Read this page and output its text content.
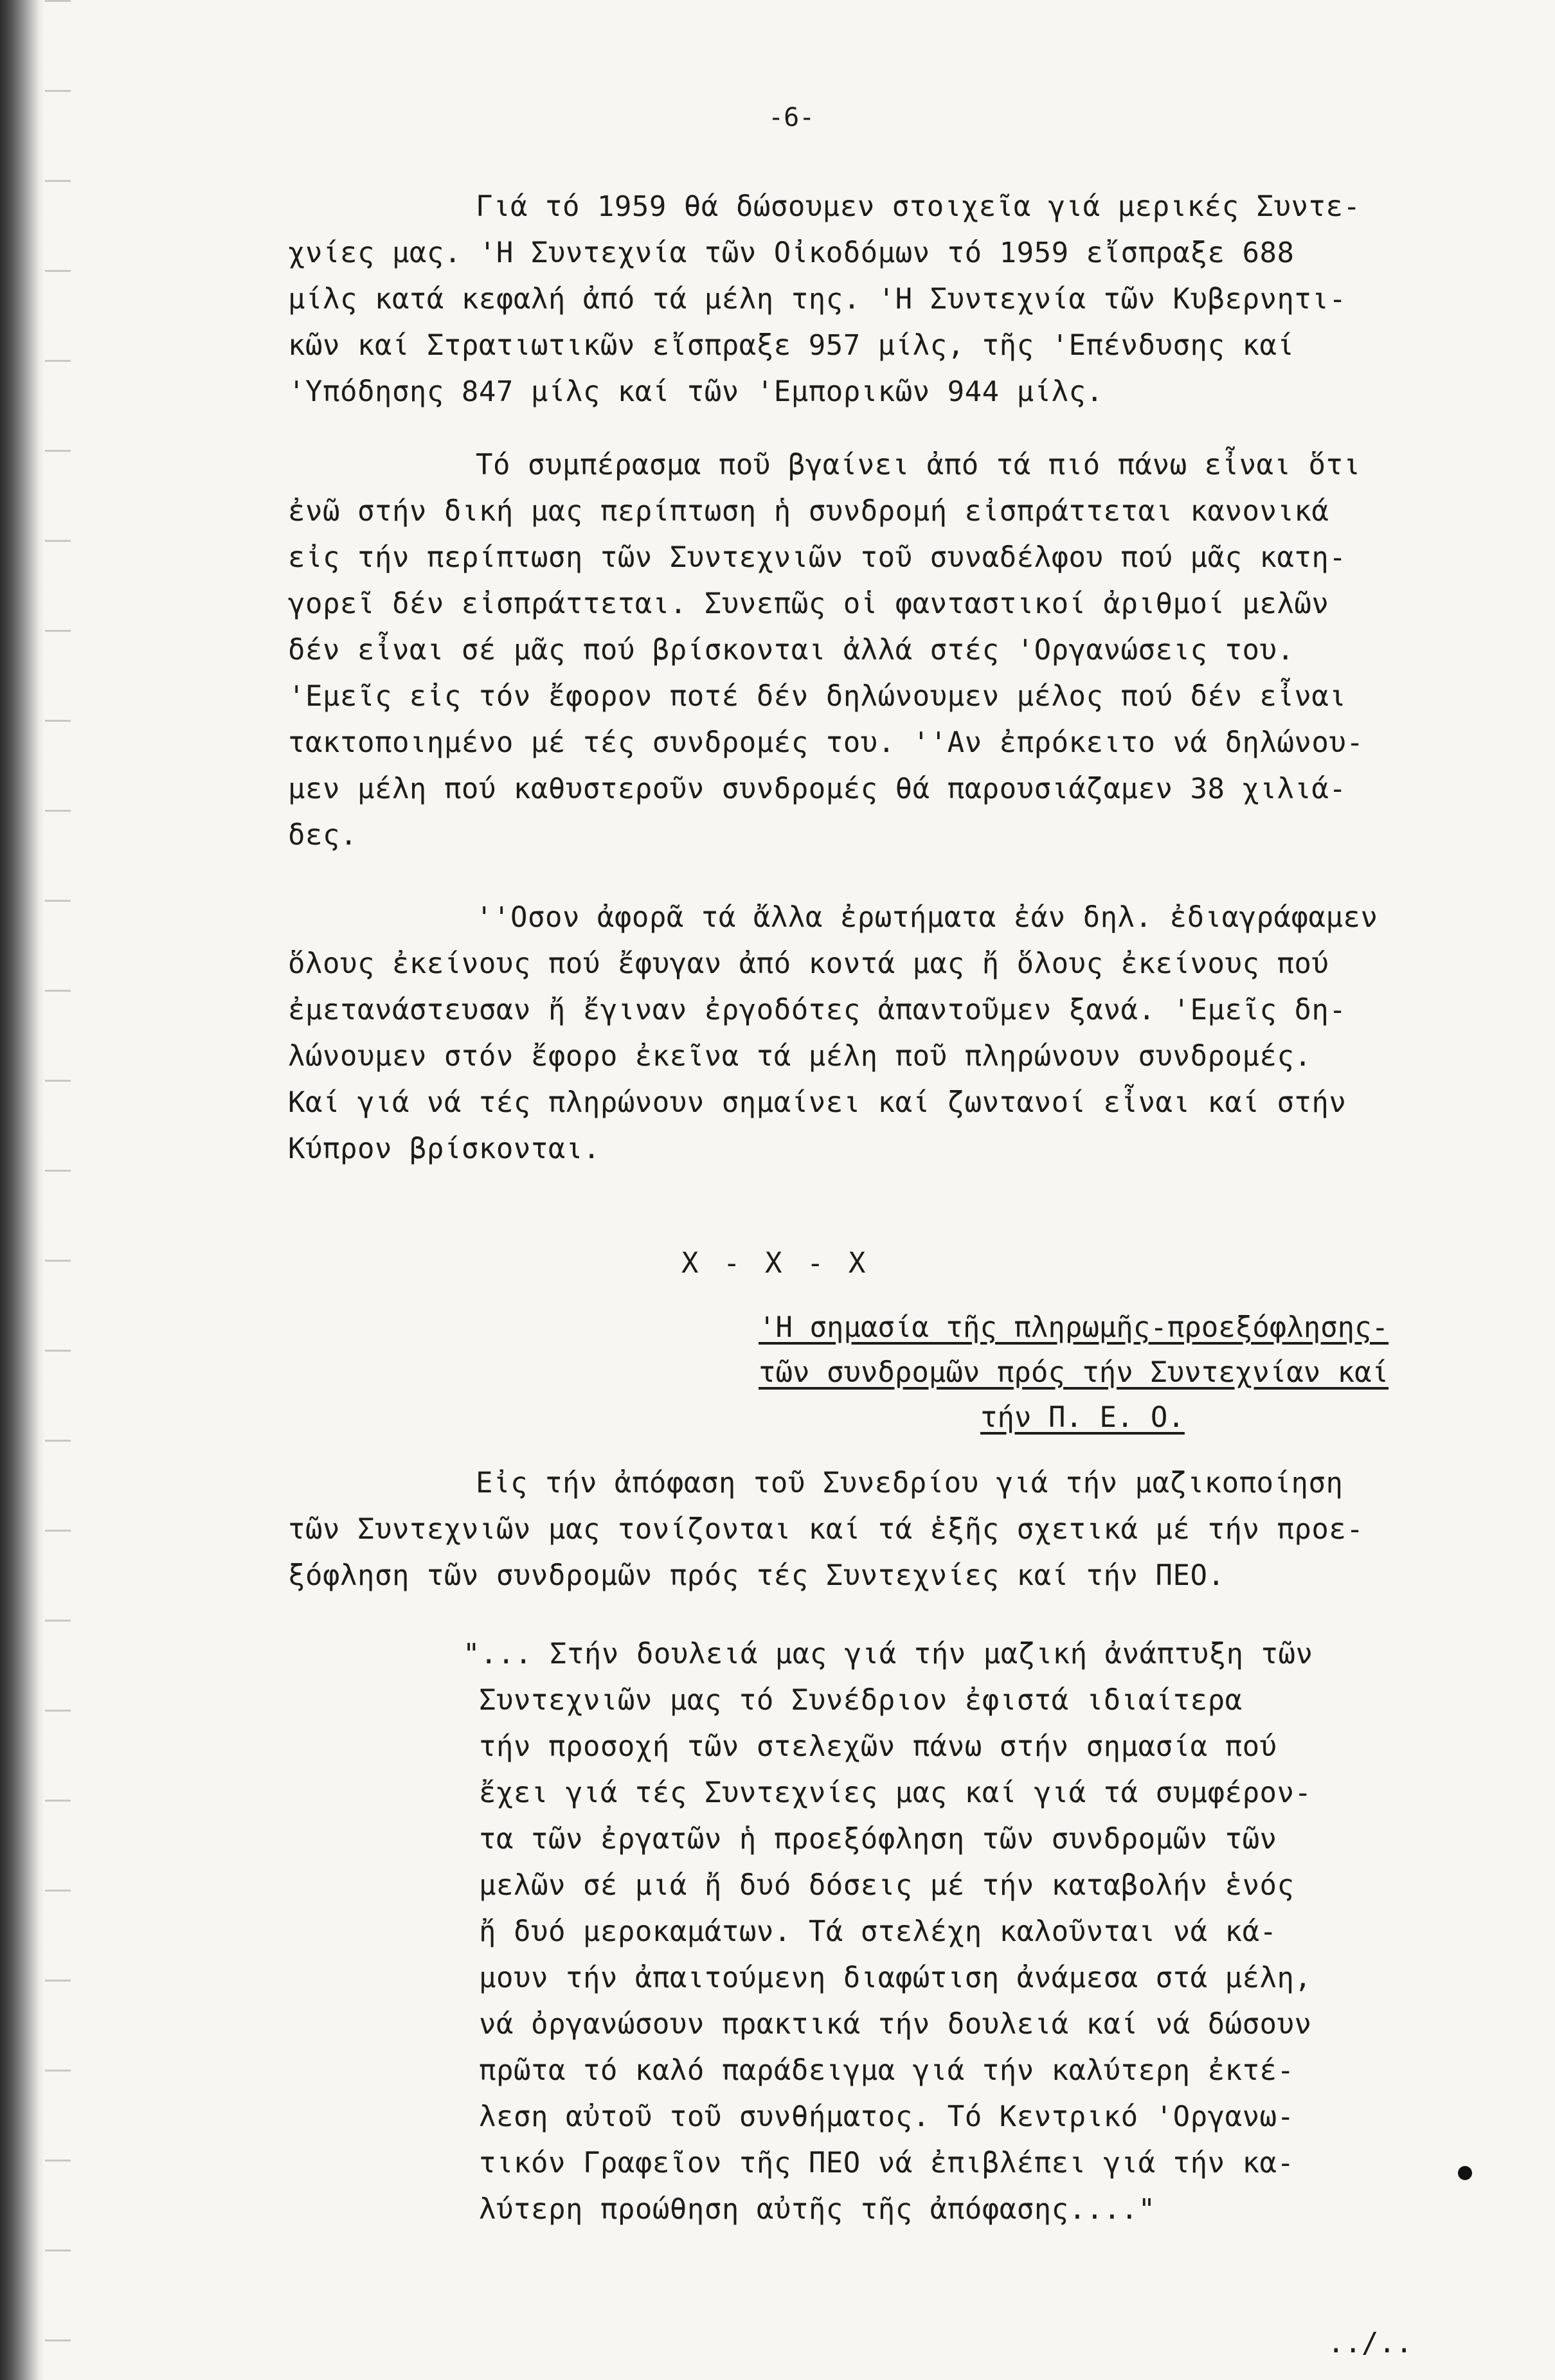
-6-
Γιά τό 1959 θά δώσουμεν στοιχεῖα γιά μερικές Συντε-
χνίες μας. 'Η Συντεχνία τῶν Οἰκοδόμων τό 1959 εἴσπραξε 688
μίλς κατά κεφαλή ἀπό τά μέλη της. 'Η Συντεχνία τῶν Κυβερνητι-
κῶν καί Στρατιωτικῶν εἴσπραξε 957 μίλς, τῆς 'Επένδυσης καί
'Υπόδησης 847 μίλς καί τῶν 'Εμπορικῶν 944 μίλς.
Τό συμπέρασμα ποῦ βγαίνει ἀπό τά πιό πάνω εἶναι ὅτι
ἐνῶ στήν δική μας περίπτωση ἡ συνδρομή εἰσπράττεται κανονικά
εἰς τήν περίπτωση τῶν Συντεχνιῶν τοῦ συναδέλφου πού μᾶς κατη-
γορεῖ δέν εἰσπράττεται. Συνεπῶς οἱ φανταστικοί ἀριθμοί μελῶν
δέν εἶναι σέ μᾶς πού βρίσκονται ἀλλά στές 'Οργανώσεις του.
'Εμεῖς εἰς τόν ἔφορον ποτέ δέν δηλώνουμεν μέλος πού δέν εἶναι
τακτοποιημένο μέ τές συνδρομές του. ''Αν ἐπρόκειτο νά δηλώνου-
μεν μέλη πού καθυστεροῦν συνδρομές θά παρουσιάζαμεν 38 χιλιά-
δες.
''Οσον ἀφορᾶ τά ἄλλα ἐρωτήματα ἐάν δηλ. ἐδιαγράφαμεν
ὅλους ἐκείνους πού ἔφυγαν ἀπό κοντά μας ἤ ὅλους ἐκείνους πού
ἐμετανάστευσαν ἤ ἔγιναν ἐργοδότες ἀπαντοῦμεν ξανά. 'Εμεῖς δη-
λώνουμεν στόν ἔφορο ἐκεῖνα τά μέλη ποῦ πληρώνουν συνδρομές.
Καί γιά νά τές πληρώνουν σημαίνει καί ζωντανοί εἶναι καί στήν
Κύπρον βρίσκονται.
Χ - Χ - Χ
'Η σημασία τῆς πληρωμῆς-προεξόφλησης-
τῶν συνδρομῶν πρός τήν Συντεχνίαν καί
τήν Π. Ε. Ο.
Εἰς τήν ἀπόφαση τοῦ Συνεδρίου γιά τήν μαζικοποίηση
τῶν Συντεχνιῶν μας τονίζονται καί τά ἑξῆς σχετικά μέ τήν προε-
ξόφληση τῶν συνδρομῶν πρός τές Συντεχνίες καί τήν ΠΕΟ.
"... Στήν δουλειά μας γιά τήν μαζική ἀνάπτυξη τῶν
Συντεχνιῶν μας τό Συνέδριον ἐφιστά ιδιαίτερα
τήν προσοχή τῶν στελεχῶν πάνω στήν σημασία πού
ἔχει γιά τές Συντεχνίες μας καί γιά τά συμφέρον-
τα τῶν ἐργατῶν ἡ προεξόφληση τῶν συνδρομῶν τῶν
μελῶν σέ μιά ἤ δυό δόσεις μέ τήν καταβολήν ἑνός
ἤ δυό μεροκαμάτων. Τά στελέχη καλοῦνται νά κά-
μουν τήν ἀπαιτούμενη διαφώτιση ἀνάμεσα στά μέλη,
νά ὀργανώσουν πρακτικά τήν δουλειά καί νά δώσουν
πρῶτα τό καλό παράδειγμα γιά τήν καλύτερη ἐκτέ-
λεση αὐτοῦ τοῦ συνθήματος. Τό Κεντρικό 'Οργανω-
τικόν Γραφεῖον τῆς ΠΕΟ νά ἐπιβλέπει γιά τήν κα-
λύτερη προώθηση αὐτῆς τῆς ἀπόφασης...."
../..
